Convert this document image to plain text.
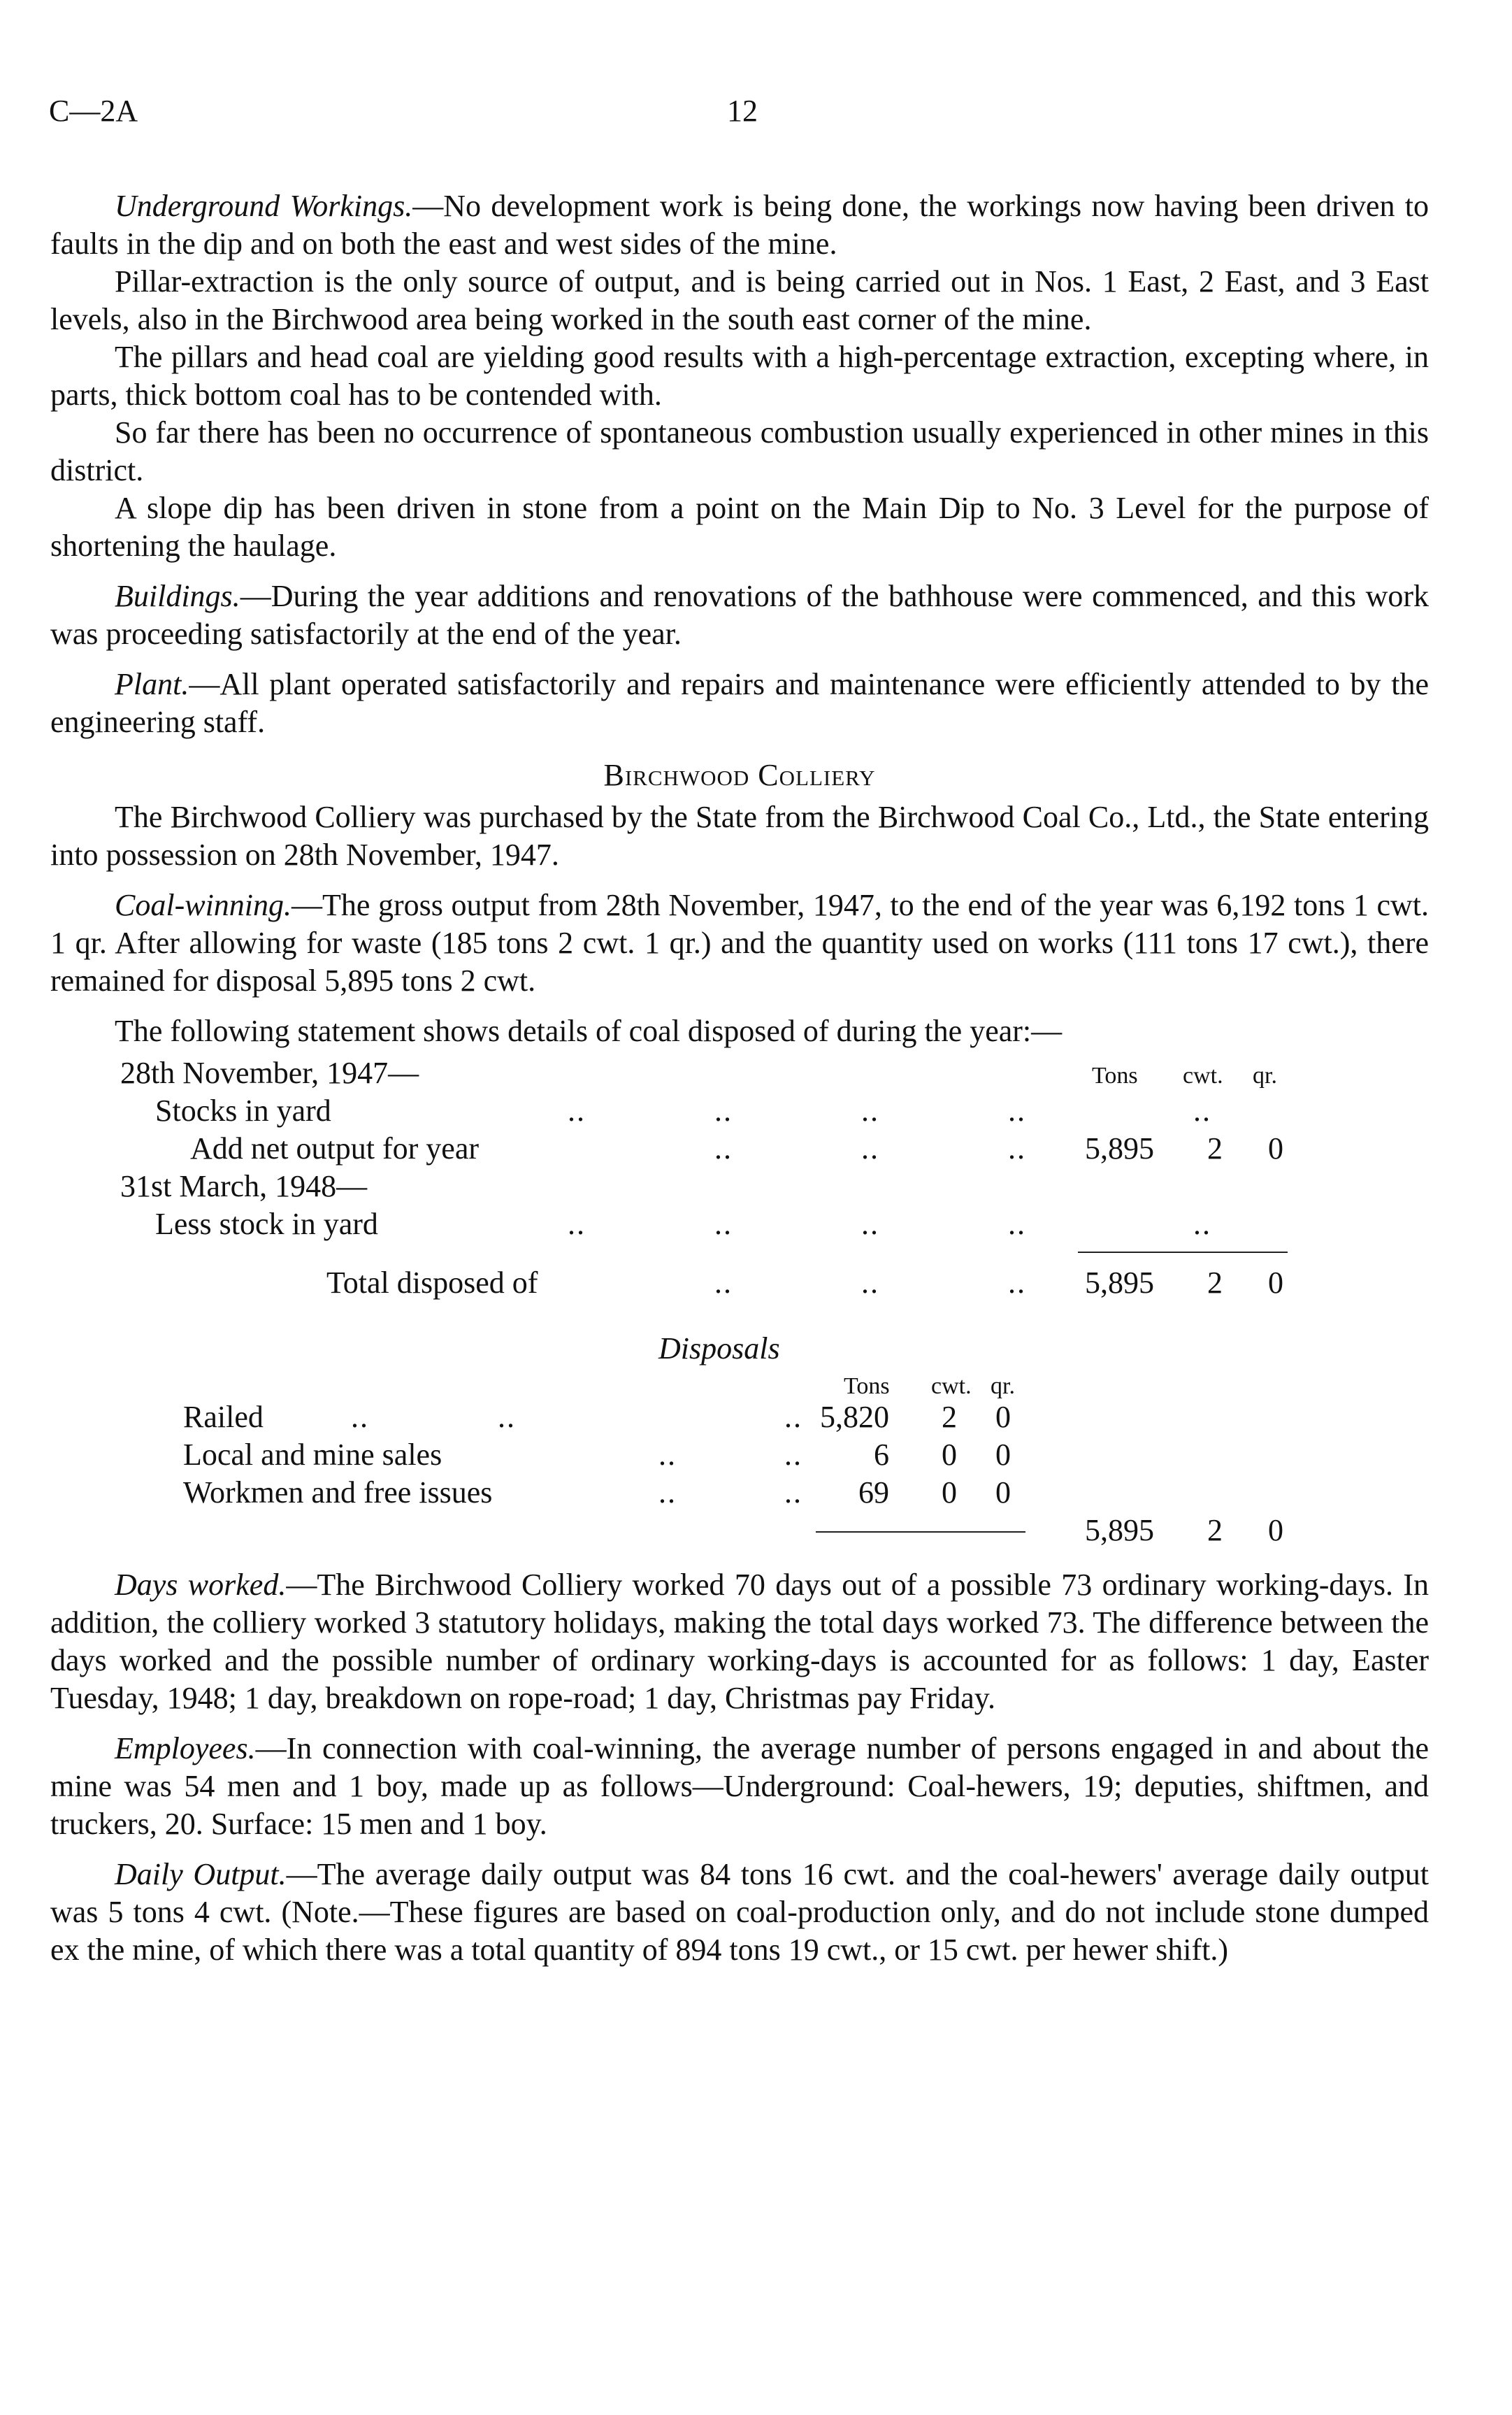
C—2A	12

Underground Workings.—No development work is being done, the workings now having been driven to faults in the dip and on both the east and west sides of the mine.

Pillar-extraction is the only source of output, and is being carried out in Nos. 1 East, 2 East, and 3 East levels, also in the Birchwood area being worked in the south east corner of the mine.

The pillars and head coal are yielding good results with a high-percentage extraction, excepting where, in parts, thick bottom coal has to be contended with.

So far there has been no occurrence of spontaneous combustion usually experienced in other mines in this district.

A slope dip has been driven in stone from a point on the Main Dip to No. 3 Level for the purpose of shortening the haulage.

Buildings.—During the year additions and renovations of the bathhouse were commenced, and this work was proceeding satisfactorily at the end of the year.

Plant.—All plant operated satisfactorily and repairs and maintenance were efficiently attended to by the engineering staff.

Birchwood Colliery

The Birchwood Colliery was purchased by the State from the Birchwood Coal Co., Ltd., the State entering into possession on 28th November, 1947.

Coal-winning.—The gross output from 28th November, 1947, to the end of the year was 6,192 tons 1 cwt. 1 qr. After allowing for waste (185 tons 2 cwt. 1 qr.) and the quantity used on works (111 tons 17 cwt.), there remained for disposal 5,895 tons 2 cwt.

The following statement shows details of coal disposed of during the year:—

28th November, 1947—	Tons cwt. qr.
Stocks in yard	..	..	..	..	..
Add net output for year	..	..	.. 5,895 2 0
31st March, 1948—
Less stock in yard	..	..	..	..	..
Total disposed of	..	..	.. 5,895 2 0
Disposals
Tons cwt. qr.
Railed	..	..	.. 5,820 2 0
Local and mine sales	..	.. 6 0 0
Workmen and free issues	..	.. 69 0 0
5,895 2 0

Days worked.—The Birchwood Colliery worked 70 days out of a possible 73 ordinary working-days. In addition, the colliery worked 3 statutory holidays, making the total days worked 73. The difference between the days worked and the possible number of ordinary working-days is accounted for as follows: 1 day, Easter Tuesday, 1948; 1 day, breakdown on rope-road; 1 day, Christmas pay Friday.

Employees.—In connection with coal-winning, the average number of persons engaged in and about the mine was 54 men and 1 boy, made up as follows—Underground: Coal-hewers, 19; deputies, shiftmen, and truckers, 20. Surface: 15 men and 1 boy.

Daily Output.—The average daily output was 84 tons 16 cwt. and the coal-hewers' average daily output was 5 tons 4 cwt. (Note.—These figures are based on coal-production only, and do not include stone dumped ex the mine, of which there was a total quantity of 894 tons 19 cwt., or 15 cwt. per hewer shift.)
